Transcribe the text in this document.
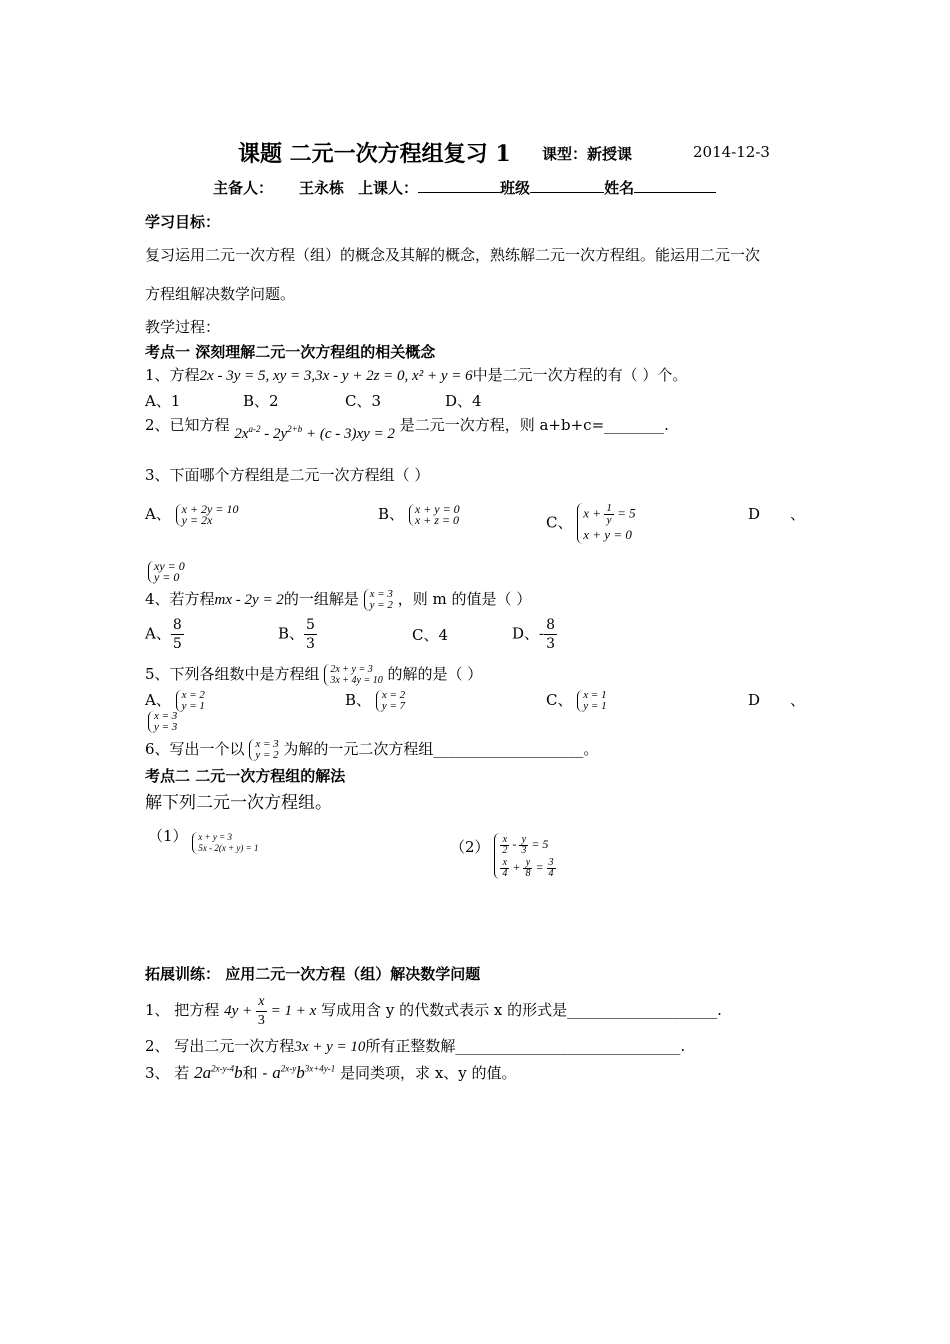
课题 二元一次方程组复习 1 课型：新授课	2014-12-3
主备人： 王永栋 上课人：	班级	姓名
学习目标：
复习运用二元一次方程（组）的概念及其解的概念，熟练解二元一次方程组。能运用二元一次
方程组解决数学问题。
教学过程：
考点一 深刻理解二元一次方程组的相关概念
1、方程2x - 3y = 5, xy = 3,3x - y + 2z = 0, x² + y = 6中是二元一次方程的有（ ）个。
A、1	B、2	C、3	D、4
2、已知方程 $2x^{a-2} - 2y^{2+b} + (c - 3)xy = 2$ 是二元一次方程，则 a+b+c=________.
3、下面哪个方程组是二元一次方程组（ ）
A、 x + 2y = 10
y = 2x	B、 x + y = 0
x + z = 0	C、
$x + \frac{1}{y} = 5$
x + y = 0
D　　、
xy = 0
y = 0
4、若方程mx - 2y = 2的一组解是 x = 3
y = 2 ，则 m 的值是（ ）
A、 $\frac{8}{5}$	B、 $\frac{5}{3}$	C、4	D、- $\frac{8}{3}$
5、下列各组数中是方程组 2x + y = 3
3x + 4y = 10 的解的是（ ）
A、 x = 2
y = 1	B、 x = 2
y = 7	C、 x = 1
y = 1	D　　、
x = 3
y = 3
6、写出一个以 x = 3
y = 2 为解的一元二次方程组____________________。
考点二 二元一次方程组的解法
解下列二元一次方程组。
（1） x + y = 3
5x - 2(x + y) = 1	$(2) \frac{x}{2} - \frac{y}{3} = 5$
$\frac{x}{4} + \frac{y}{8} = \frac{3}{4}$
拓展训练： 应用二元一次方程（组）解决数学问题
1、 把方程 $4y + \frac{x}{3} = 1 + x$ 写成用含 y 的代数式表示 x 的形式是____________________.
2、 写出二元一次方程3x + y = 10所有正整数解______________________________.
3、 若 $2a^{2x-y-4}b$和 - $a^{2x-y}b^{3x+4y-1}$ 是同类项，求 x、y 的值。
